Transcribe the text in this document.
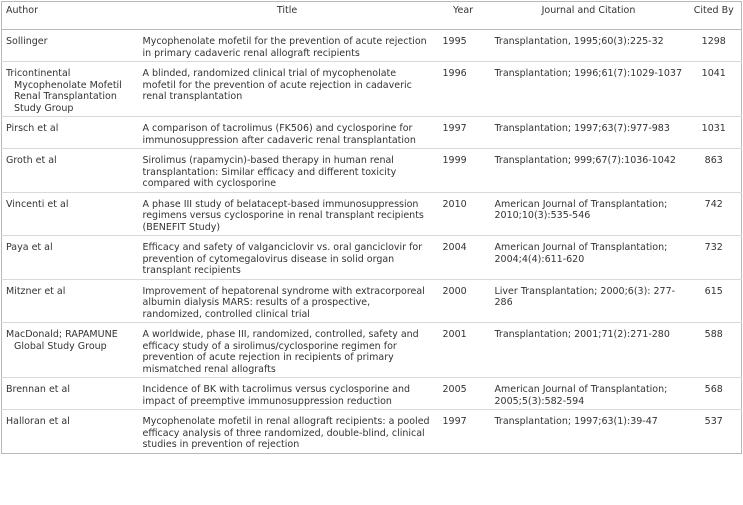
Author	Title	Year	Journal and Citation	Cited By
Sollinger	Mycophenolate mofetil for the prevention of acute rejection in primary cadaveric renal allograft recipients	1995	Transplantation, 1995;60(3):225-32	1298
Tricontinental Mycophenolate Mofetil Renal Transplantation Study Group	A blinded, randomized clinical trial of mycophenolate mofetil for the prevention of acute rejection in cadaveric renal transplantation	1996	Transplantation; 1996;61(7):1029-1037	1041
Pirsch et al	A comparison of tacrolimus (FK506) and cyclosporine for immunosuppression after cadaveric renal transplantation	1997	Transplantation; 1997;63(7):977-983	1031
Groth et al	Sirolimus (rapamycin)-based therapy in human renal transplantation: Similar efficacy and different toxicity compared with cyclosporine	1999	Transplantation; 999;67(7):1036-1042	863
Vincenti et al	A phase III study of belatacept-based immunosuppression regimens versus cyclosporine in renal transplant recipients (BENEFIT Study)	2010	American Journal of Transplantation; 2010;10(3):535-546	742
Paya et al	Efficacy and safety of valganciclovir vs. oral ganciclovir for prevention of cytomegalovirus disease in solid organ transplant recipients	2004	American Journal of Transplantation; 2004;4(4):611-620	732
Mitzner et al	Improvement of hepatorenal syndrome with extracorporeal albumin dialysis MARS: results of a prospective, randomized, controlled clinical trial	2000	Liver Transplantation; 2000;6(3): 277-286	615
MacDonald; RAPAMUNE Global Study Group	A worldwide, phase III, randomized, controlled, safety and efficacy study of a sirolimus/cyclosporine regimen for prevention of acute rejection in recipients of primary mismatched renal allografts	2001	Transplantation; 2001;71(2):271-280	588
Brennan et al	Incidence of BK with tacrolimus versus cyclosporine and impact of preemptive immunosuppression reduction	2005	American Journal of Transplantation; 2005;5(3):582-594	568
Halloran et al	Mycophenolate mofetil in renal allograft recipients: a pooled efficacy analysis of three randomized, double-blind, clinical studies in prevention of rejection	1997	Transplantation; 1997;63(1):39-47	537
